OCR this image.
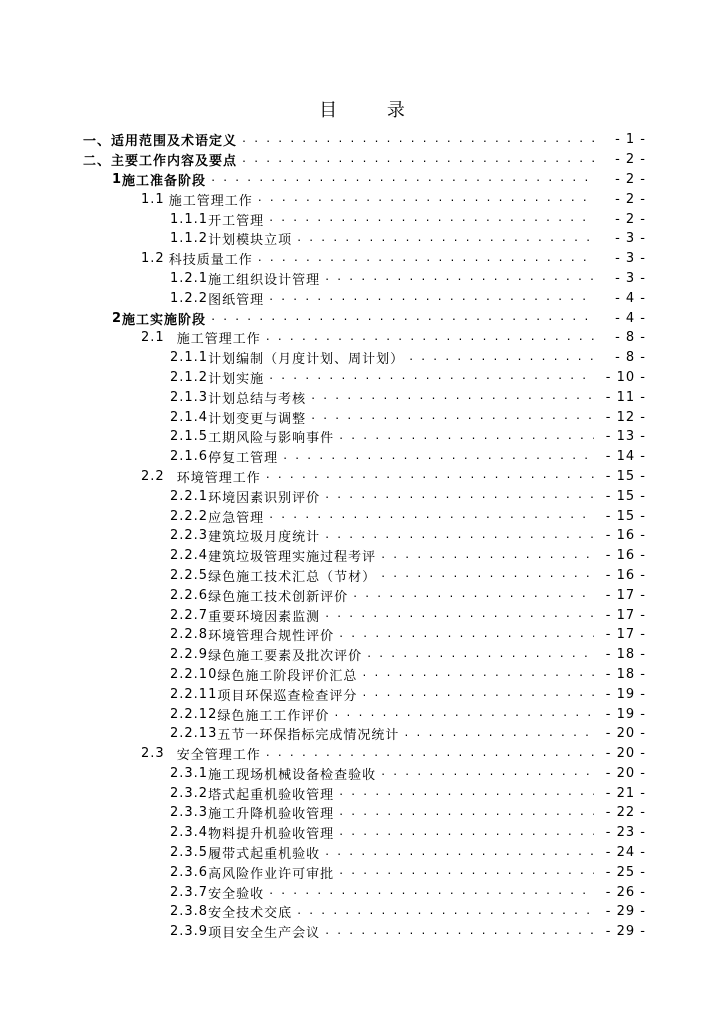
目 录
一、 适用范围及术语定义 . . .	- 1 -
二、 主要工作内容及要点 . . .	- 2 -
1 施工准备阶段 . . .	- 2 -
1.1 施工管理工作 . . .	- 2 -
1.1.1 开工管理 . . .	- 2 -
1.1.2 计划模块立项 . . .	- 3 -
1.2 科技质量工作 . . .	- 3 -
1.2.1 施工组织设计管理 . . .	- 3 -
1.2.2 图纸管理 . . .	- 4 -
2 施工实施阶段 . . .	- 4 -
2.1 施工管理工作 . . .	- 8 -
2.1.1 计划编制（月度计划、周计划） . . .	- 8 -
2.1.2 计划实施 . . .	- 10 -
2.1.3 计划总结与考核 . . .	- 11 -
2.1.4 计划变更与调整 . . .	- 12 -
2.1.5 工期风险与影响事件 . . .	- 13 -
2.1.6 停复工管理 . . .	- 14 -
2.2 环境管理工作 . . .	- 15 -
2.2.1 环境因素识别评价 . . .	- 15 -
2.2.2 应急管理 . . .	- 15 -
2.2.3 建筑垃圾月度统计 . . .	- 16 -
2.2.4 建筑垃圾管理实施过程考评 . . .	- 16 -
2.2.5 绿色施工技术汇总（节材） . . .	- 16 -
2.2.6 绿色施工技术创新评价 . . .	- 17 -
2.2.7 重要环境因素监测 . . .	- 17 -
2.2.8 环境管理合规性评价 . . .	- 17 -
2.2.9 绿色施工要素及批次评价 . . .	- 18 -
2.2.10 绿色施工阶段评价汇总 . . .	- 18 -
2.2.11 项目环保巡查检查评分 . . .	- 19 -
2.2.12 绿色施工工作评价 . . .	- 19 -
2.2.13 五节一环保指标完成情况统计 . . .	- 20 -
2.3 安全管理工作 . . .	- 20 -
2.3.1 施工现场机械设备检查验收 . . .	- 20 -
2.3.2 塔式起重机验收管理 . . .	- 21 -
2.3.3 施工升降机验收管理 . . .	- 22 -
2.3.4 物料提升机验收管理 . . .	- 23 -
2.3.5 履带式起重机验收 . . .	- 24 -
2.3.6 高风险作业许可审批 . . .	- 25 -
2.3.7 安全验收 . . .	- 26 -
2.3.8 安全技术交底 . . .	- 29 -
2.3.9 项目安全生产会议 . . .	- 29 -
